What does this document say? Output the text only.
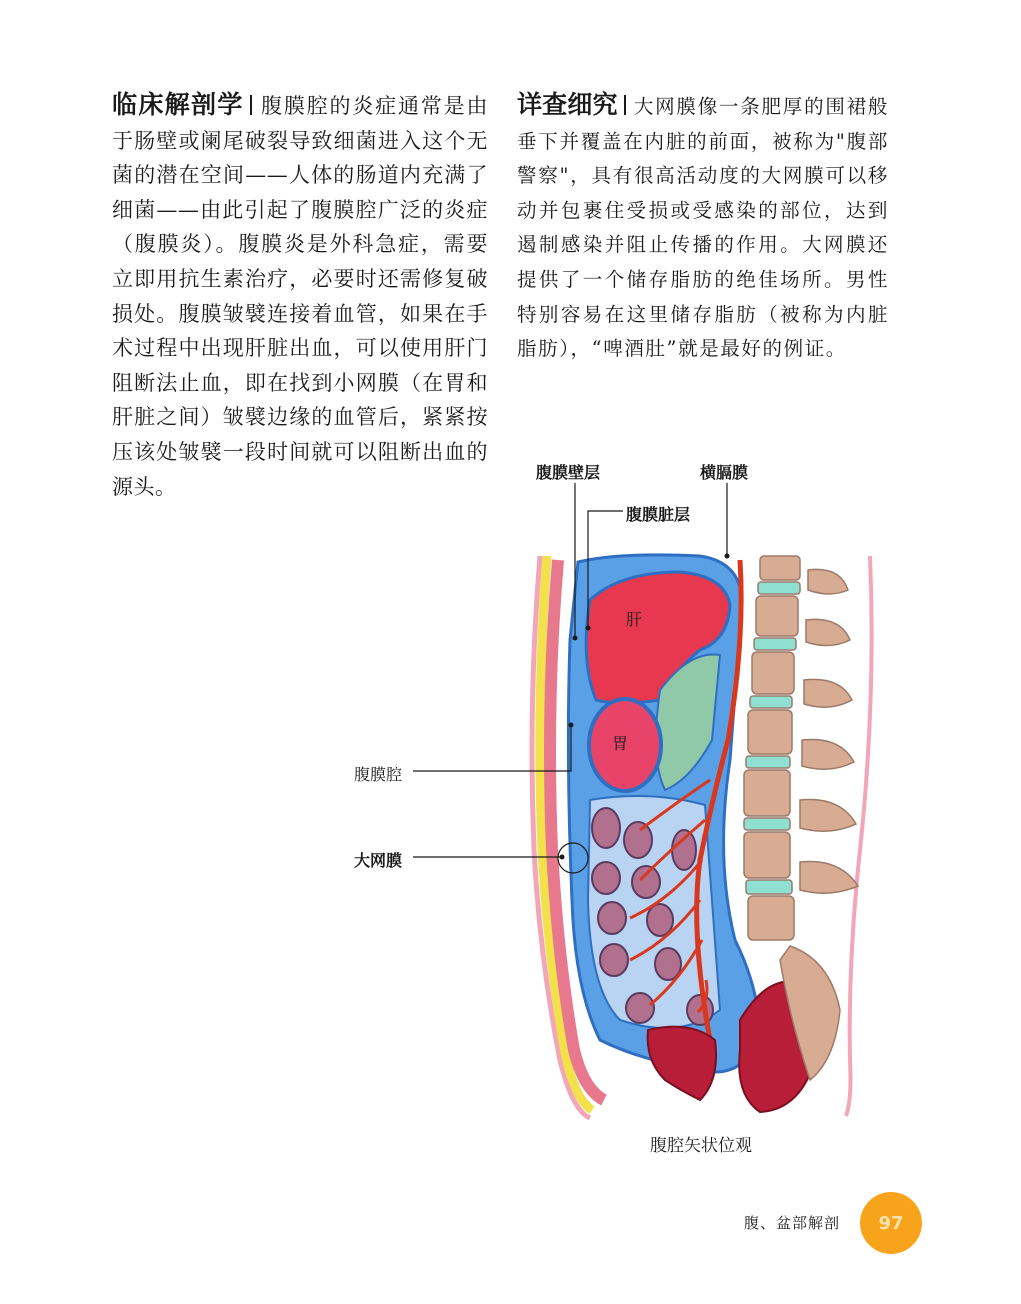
临床解剖学 腹膜腔的炎症通常是由于肠壁或阑尾破裂导致细菌进入这个无菌的潜在空间——人体的肠道内充满了细菌——由此引起了腹膜腔广泛的炎症（腹膜炎）。腹膜炎是外科急症，需要立即用抗生素治疗，必要时还需修复破损处。腹膜皱襞连接着血管，如果在手术过程中出现肝脏出血，可以使用肝门阻断法止血，即在找到小网膜（在胃和肝脏之间）皱襞边缘的血管后，紧紧按压该处皱襞一段时间就可以阻断出血的源头。
详查细究 大网膜像一条肥厚的围裙般垂下并覆盖在内脏的前面，被称为"腹部警察"，具有很高活动度的大网膜可以移动并包裹住受损或受感染的部位，达到遏制感染并阻止传播的作用。大网膜还提供了一个储存脂肪的绝佳场所。男性特别容易在这里储存脂肪（被称为内脏脂肪），“啤酒肚”就是最好的例证。
腹膜壁层	横膈膜
腹膜脏层
肝
胃
腹膜腔
大网膜
腹腔矢状位观
腹、盆部解剖 97
